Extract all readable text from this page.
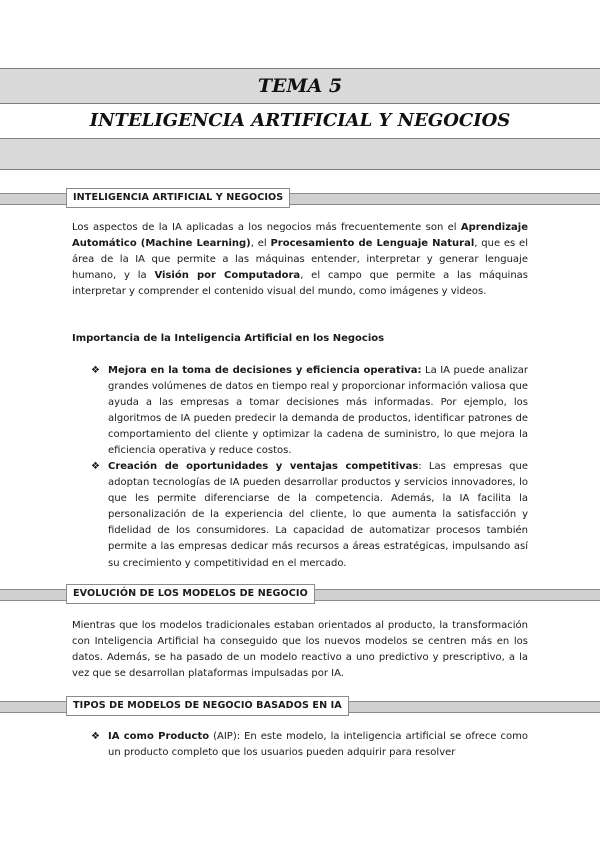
TEMA 5
INTELIGENCIA ARTIFICIAL Y NEGOCIOS
INTELIGENCIA ARTIFICIAL Y NEGOCIOS

Los aspectos de la IA aplicadas a los negocios más frecuentemente son el Aprendizaje Automático (Machine Learning), el Procesamiento de Lenguaje Natural, que es el área de la IA que permite a las máquinas entender, interpretar y generar lenguaje humano, y la Visión por Computadora, el campo que permite a las máquinas interpretar y comprender el contenido visual del mundo, como imágenes y videos.

Importancia de la Inteligencia Artificial en los Negocios

❖ Mejora en la toma de decisiones y eficiencia operativa: La IA puede analizar grandes volúmenes de datos en tiempo real y proporcionar información valiosa que ayuda a las empresas a tomar decisiones más informadas. Por ejemplo, los algoritmos de IA pueden predecir la demanda de productos, identificar patrones de comportamiento del cliente y optimizar la cadena de suministro, lo que mejora la eficiencia operativa y reduce costos.

❖ Creación de oportunidades y ventajas competitivas: Las empresas que adoptan tecnologías de IA pueden desarrollar productos y servicios innovadores, lo que les permite diferenciarse de la competencia. Además, la IA facilita la personalización de la experiencia del cliente, lo que aumenta la satisfacción y fidelidad de los consumidores. La capacidad de automatizar procesos también permite a las empresas dedicar más recursos a áreas estratégicas, impulsando así su crecimiento y competitividad en el mercado.

EVOLUCIÓN DE LOS MODELOS DE NEGOCIO

Mientras que los modelos tradicionales estaban orientados al producto, la transformación con Inteligencia Artificial ha conseguido que los nuevos modelos se centren más en los datos. Además, se ha pasado de un modelo reactivo a uno predictivo y prescriptivo, a la vez que se desarrollan plataformas impulsadas por IA.

TIPOS DE MODELOS DE NEGOCIO BASADOS EN IA

❖ IA como Producto (AIP): En este modelo, la inteligencia artificial se ofrece como un producto completo que los usuarios pueden adquirir para resolver
